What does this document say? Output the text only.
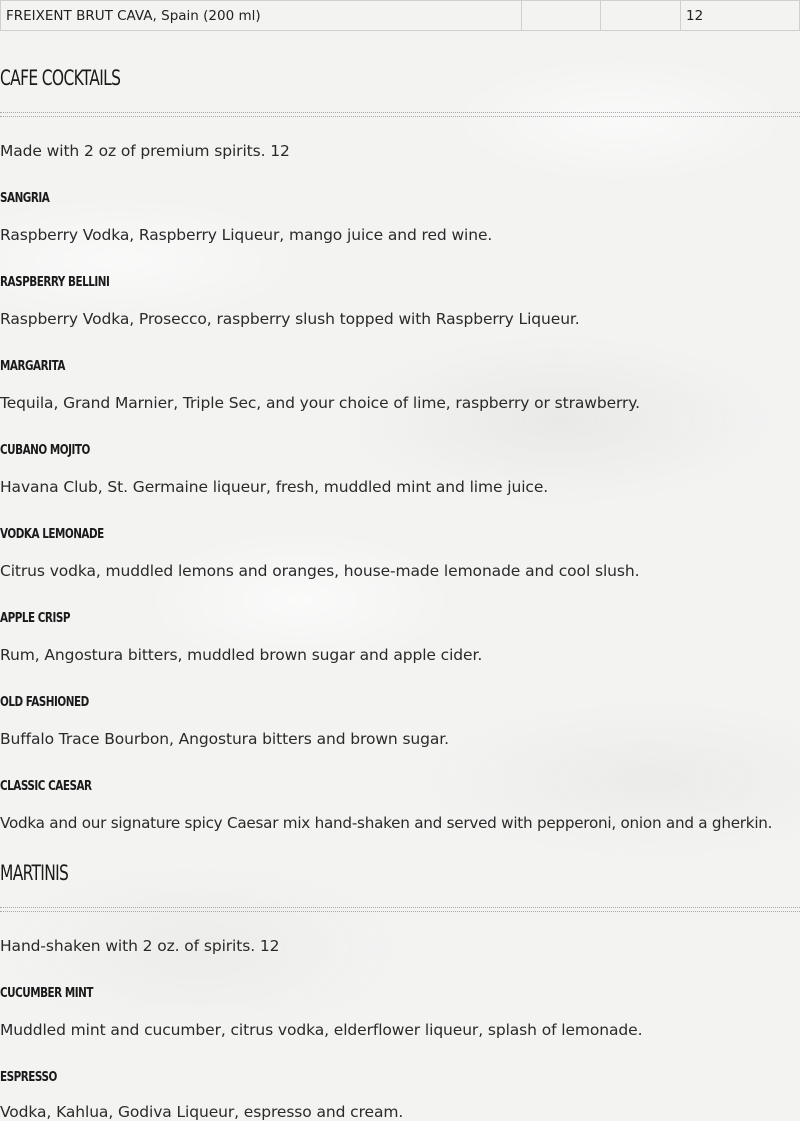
FREIXENT BRUT CAVA, Spain (200 ml)			12
CAFE COCKTAILS

Made with 2 oz of premium spirits. 12

SANGRIA

Raspberry Vodka, Raspberry Liqueur, mango juice and red wine.

RASPBERRY BELLINI

Raspberry Vodka, Prosecco, raspberry slush topped with Raspberry Liqueur.

MARGARITA

Tequila, Grand Marnier, Triple Sec, and your choice of lime, raspberry or strawberry.

CUBANO MOJITO

Havana Club, St. Germaine liqueur, fresh, muddled mint and lime juice.

VODKA LEMONADE

Citrus vodka, muddled lemons and oranges, house-made lemonade and cool slush.

APPLE CRISP

Rum, Angostura bitters, muddled brown sugar and apple cider.

OLD FASHIONED

Buffalo Trace Bourbon, Angostura bitters and brown sugar.

CLASSIC CAESAR

Vodka and our signature spicy Caesar mix hand-shaken and served with pepperoni, onion and a gherkin.

MARTINIS

Hand-shaken with 2 oz. of spirits. 12

CUCUMBER MINT

Muddled mint and cucumber, citrus vodka, elderflower liqueur, splash of lemonade.

ESPRESSO

Vodka, Kahlua, Godiva Liqueur, espresso and cream.
